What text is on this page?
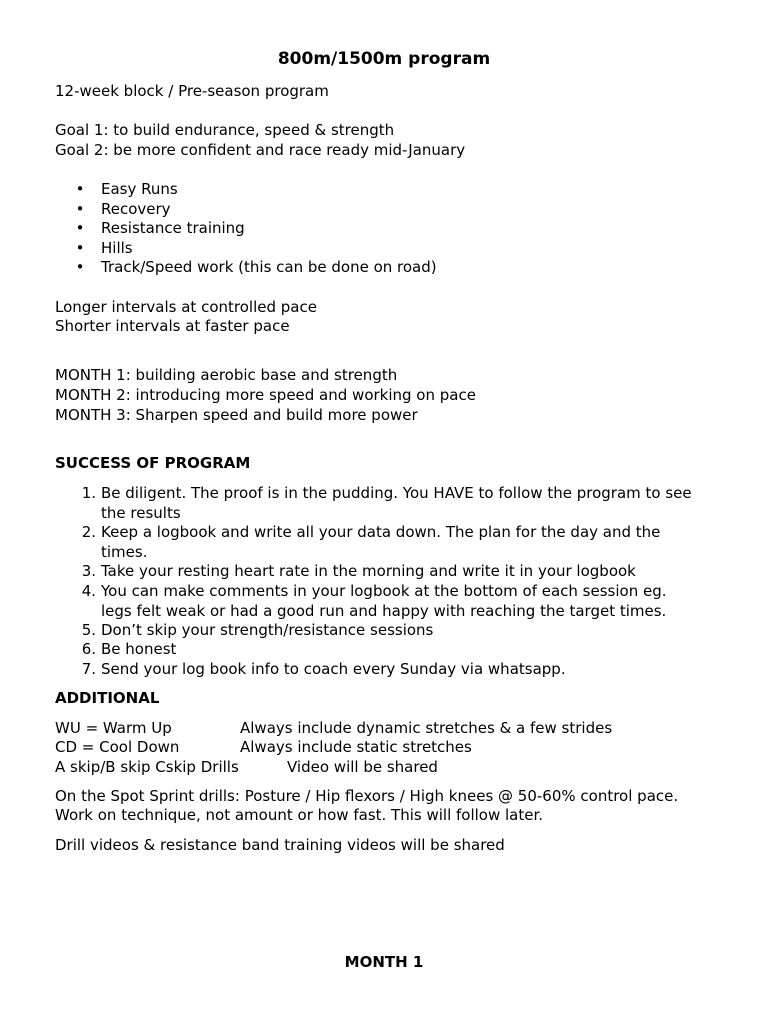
800m/1500m program
12-week block / Pre-season program
Goal 1: to build endurance, speed & strength
Goal 2: be more confident and race ready mid-January
• Easy Runs
• Recovery
• Resistance training
• Hills
• Track/Speed work (this can be done on road)
Longer intervals at controlled pace
Shorter intervals at faster pace
MONTH 1: building aerobic base and strength
MONTH 2: introducing more speed and working on pace
MONTH 3: Sharpen speed and build more power
SUCCESS OF PROGRAM
1. Be diligent. The proof is in the pudding. You HAVE to follow the program to see the results
2. Keep a logbook and write all your data down. The plan for the day and the times.
3. Take your resting heart rate in the morning and write it in your logbook
4. You can make comments in your logbook at the bottom of each session eg. legs felt weak or had a good run and happy with reaching the target times.
5. Don’t skip your strength/resistance sessions
6. Be honest
7. Send your log book info to coach every Sunday via whatsapp.
ADDITIONAL
WU = Warm Up	Always include dynamic stretches & a few strides
CD = Cool Down	Always include static stretches
A skip/B skip Cskip Drills	Video will be shared
On the Spot Sprint drills: Posture / Hip flexors / High knees @ 50-60% control pace.
Work on technique, not amount or how fast. This will follow later.
Drill videos & resistance band training videos will be shared
MONTH 1
